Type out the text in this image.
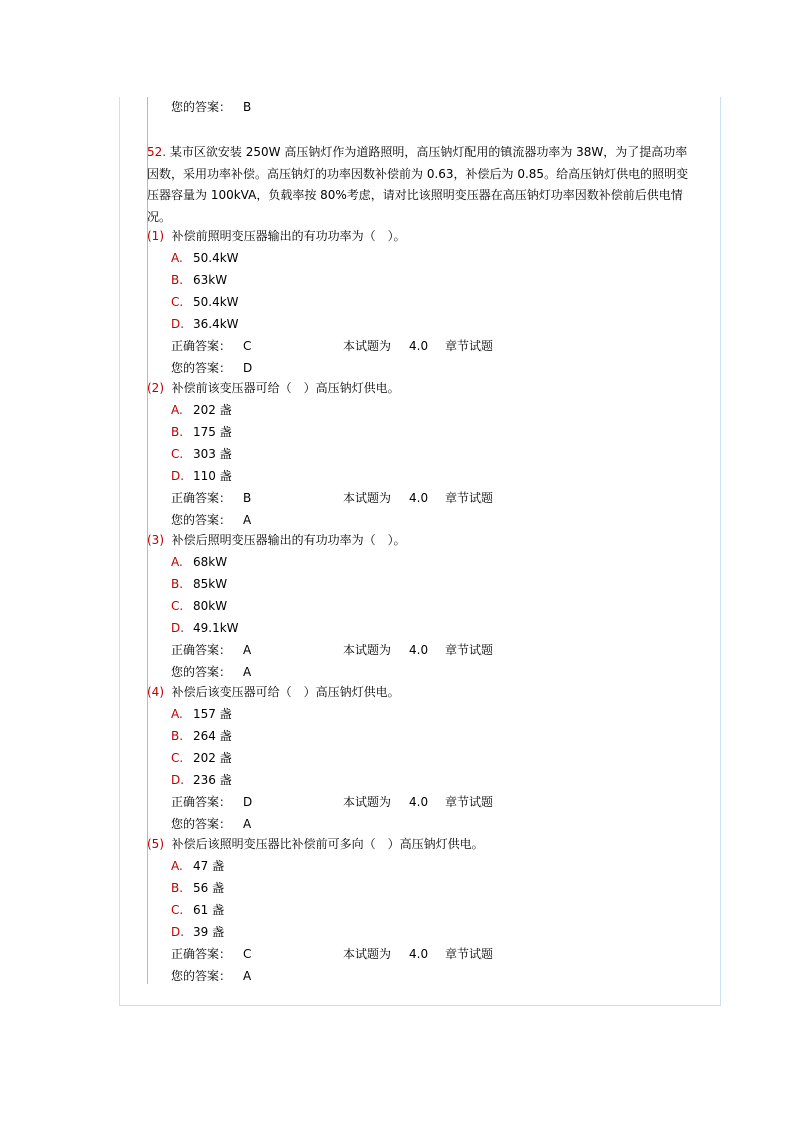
您的答案： B
52. 某市区欲安装 250W 高压钠灯作为道路照明，高压钠灯配用的镇流器功率为 38W，为了提高功率因数，采用功率补偿。高压钠灯的功率因数补偿前为 0.63，补偿后为 0.85。给高压钠灯供电的照明变压器容量为 100kVA，负载率按 80%考虑，请对比该照明变压器在高压钠灯功率因数补偿前后供电情况。
(1) 补偿前照明变压器输出的有功功率为（　）。
A. 50.4kW
B. 63kW
C. 50.4kW
D. 36.4kW
正确答案： C	本试题为 4.0 章节试题
您的答案： D
(2) 补偿前该变压器可给（　）高压钠灯供电。
A. 202 盏
B. 175 盏
C. 303 盏
D. 110 盏
正确答案： B	本试题为 4.0 章节试题
您的答案： A
(3) 补偿后照明变压器输出的有功功率为（　）。
A. 68kW
B. 85kW
C. 80kW
D. 49.1kW
正确答案： A	本试题为 4.0 章节试题
您的答案： A
(4) 补偿后该变压器可给（　）高压钠灯供电。
A. 157 盏
B. 264 盏
C. 202 盏
D. 236 盏
正确答案： D	本试题为 4.0 章节试题
您的答案： A
(5) 补偿后该照明变压器比补偿前可多向（　）高压钠灯供电。
A. 47 盏
B. 56 盏
C. 61 盏
D. 39 盏
正确答案： C	本试题为 4.0 章节试题
您的答案： A
